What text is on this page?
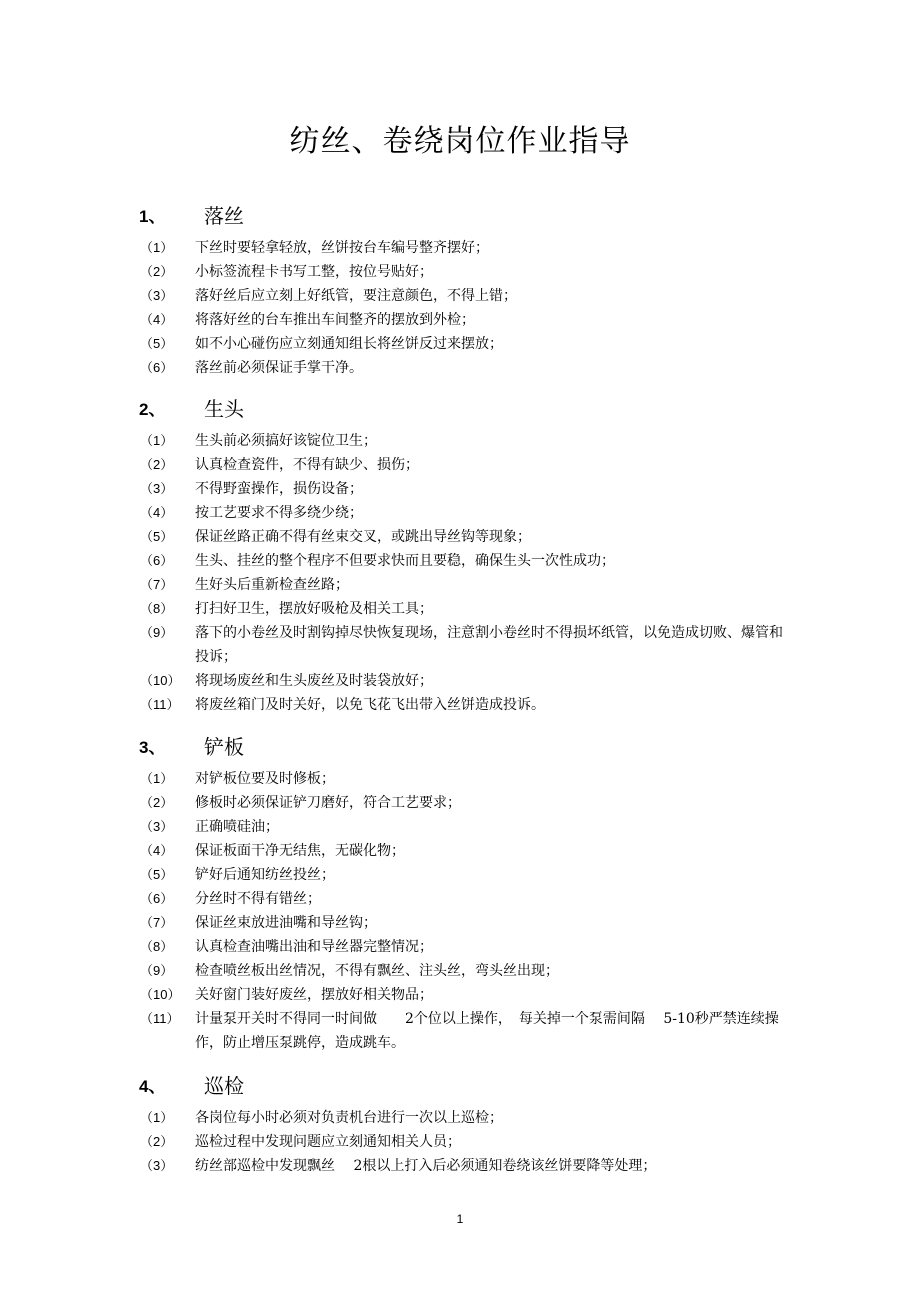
纺丝、卷绕岗位作业指导
1、 落丝
（1）	下丝时要轻拿轻放，丝饼按台车编号整齐摆好；
（2）	小标签流程卡书写工整，按位号贴好；
（3）	落好丝后应立刻上好纸管，要注意颜色，不得上错；
（4）	将落好丝的台车推出车间整齐的摆放到外检；
（5）	如不小心碰伤应立刻通知组长将丝饼反过来摆放；
（6）	落丝前必须保证手掌干净。
2、 生头
（1）	生头前必须搞好该锭位卫生；
（2）	认真检查瓷件，不得有缺少、损伤；
（3）	不得野蛮操作，损伤设备；
（4）	按工艺要求不得多绕少绕；
（5）	保证丝路正确不得有丝束交叉，或跳出导丝钩等现象；
（6）	生头、挂丝的整个程序不但要求快而且要稳，确保生头一次性成功；
（7）	生好头后重新检查丝路；
（8）	打扫好卫生，摆放好吸枪及相关工具；
（9）	落下的小卷丝及时割钩掉尽快恢复现场，注意割小卷丝时不得损坏纸管，以免造成切败、爆管和投诉；
（10）	将现场废丝和生头废丝及时装袋放好；
（11）	将废丝箱门及时关好，以免飞花飞出带入丝饼造成投诉。
3、 铲板
（1）	对铲板位要及时修板；
（2）	修板时必须保证铲刀磨好，符合工艺要求；
（3）	正确喷硅油；
（4）	保证板面干净无结焦，无碳化物；
（5）	铲好后通知纺丝投丝；
（6）	分丝时不得有错丝；
（7）	保证丝束放进油嘴和导丝钩；
（8）	认真检查油嘴出油和导丝器完整情况；
（9）	检查喷丝板出丝情况，不得有飘丝、注头丝，弯头丝出现；
（10）	关好窗门装好废丝，摆放好相关物品；
（11）	计量泵开关时不得同一时间做　　2个位以上操作，　每关掉一个泵需间隔　 5-10秒严禁连续操作，防止增压泵跳停，造成跳车。
4、 巡检
（1）	各岗位每小时必须对负责机台进行一次以上巡检；
（2）	巡检过程中发现问题应立刻通知相关人员；
（3）	纺丝部巡检中发现飘丝　 2根以上打入后必须通知卷绕该丝饼要降等处理；
1
